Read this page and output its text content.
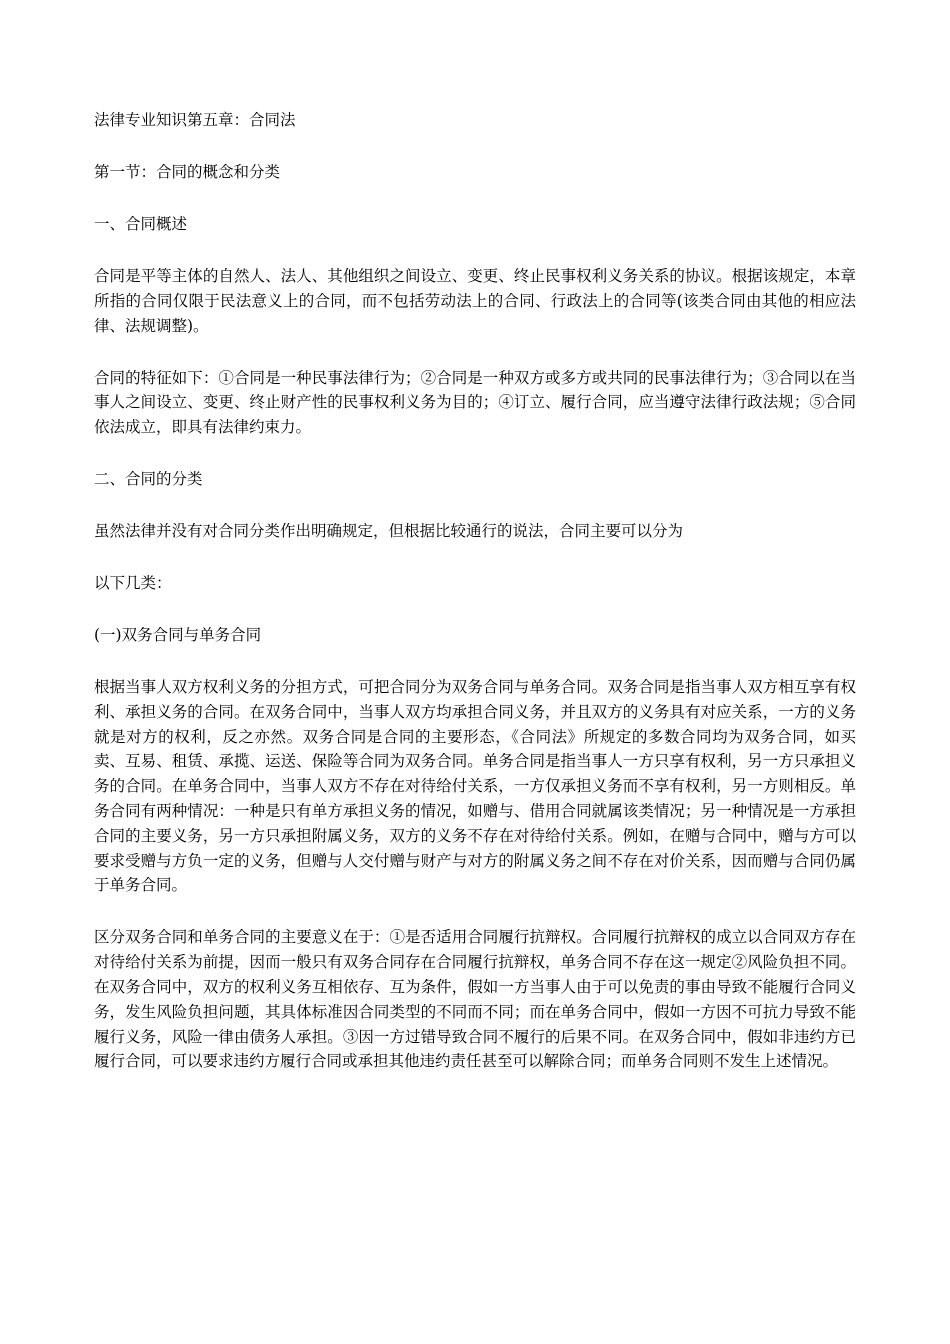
法律专业知识第五章：合同法

第一节：合同的概念和分类

一、合同概述

合同是平等主体的自然人、法人、其他组织之间设立、变更、终止民事权利义务关系的协议。根据该规定，本章所指的合同仅限于民法意义上的合同，而不包括劳动法上的合同、行政法上的合同等(该类合同由其他的相应法律、法规调整)。

合同的特征如下：①合同是一种民事法律行为；②合同是一种双方或多方或共同的民事法律行为；③合同以在当事人之间设立、变更、终止财产性的民事权利义务为目的；④订立、履行合同，应当遵守法律行政法规；⑤合同依法成立，即具有法律约束力。

二、合同的分类

虽然法律并没有对合同分类作出明确规定，但根据比较通行的说法，合同主要可以分为

以下几类：

(一)双务合同与单务合同

根据当事人双方权利义务的分担方式，可把合同分为双务合同与单务合同。双务合同是指当事人双方相互享有权利、承担义务的合同。在双务合同中，当事人双方均承担合同义务，并且双方的义务具有对应关系，一方的义务就是对方的权利，反之亦然。双务合同是合同的主要形态，《合同法》所规定的多数合同均为双务合同，如买卖、互易、租赁、承揽、运送、保险等合同为双务合同。单务合同是指当事人一方只享有权利，另一方只承担义务的合同。在单务合同中，当事人双方不存在对待给付关系，一方仅承担义务而不享有权利，另一方则相反。单务合同有两种情况：一种是只有单方承担义务的情况，如赠与、借用合同就属该类情况；另一种情况是一方承担合同的主要义务，另一方只承担附属义务，双方的义务不存在对待给付关系。例如，在赠与合同中，赠与方可以要求受赠与方负一定的义务，但赠与人交付赠与财产与对方的附属义务之间不存在对价关系，因而赠与合同仍属于单务合同。

区分双务合同和单务合同的主要意义在于：①是否适用合同履行抗辩权。合同履行抗辩权的成立以合同双方存在对待给付关系为前提，因而一般只有双务合同存在合同履行抗辩权，单务合同不存在这一规定②风险负担不同。在双务合同中，双方的权利义务互相依存、互为条件，假如一方当事人由于可以免责的事由导致不能履行合同义务，发生风险负担问题，其具体标准因合同类型的不同而不同；而在单务合同中，假如一方因不可抗力导致不能履行义务，风险一律由债务人承担。③因一方过错导致合同不履行的后果不同。在双务合同中，假如非违约方已履行合同，可以要求违约方履行合同或承担其他违约责任甚至可以解除合同；而单务合同则不发生上述情况。
